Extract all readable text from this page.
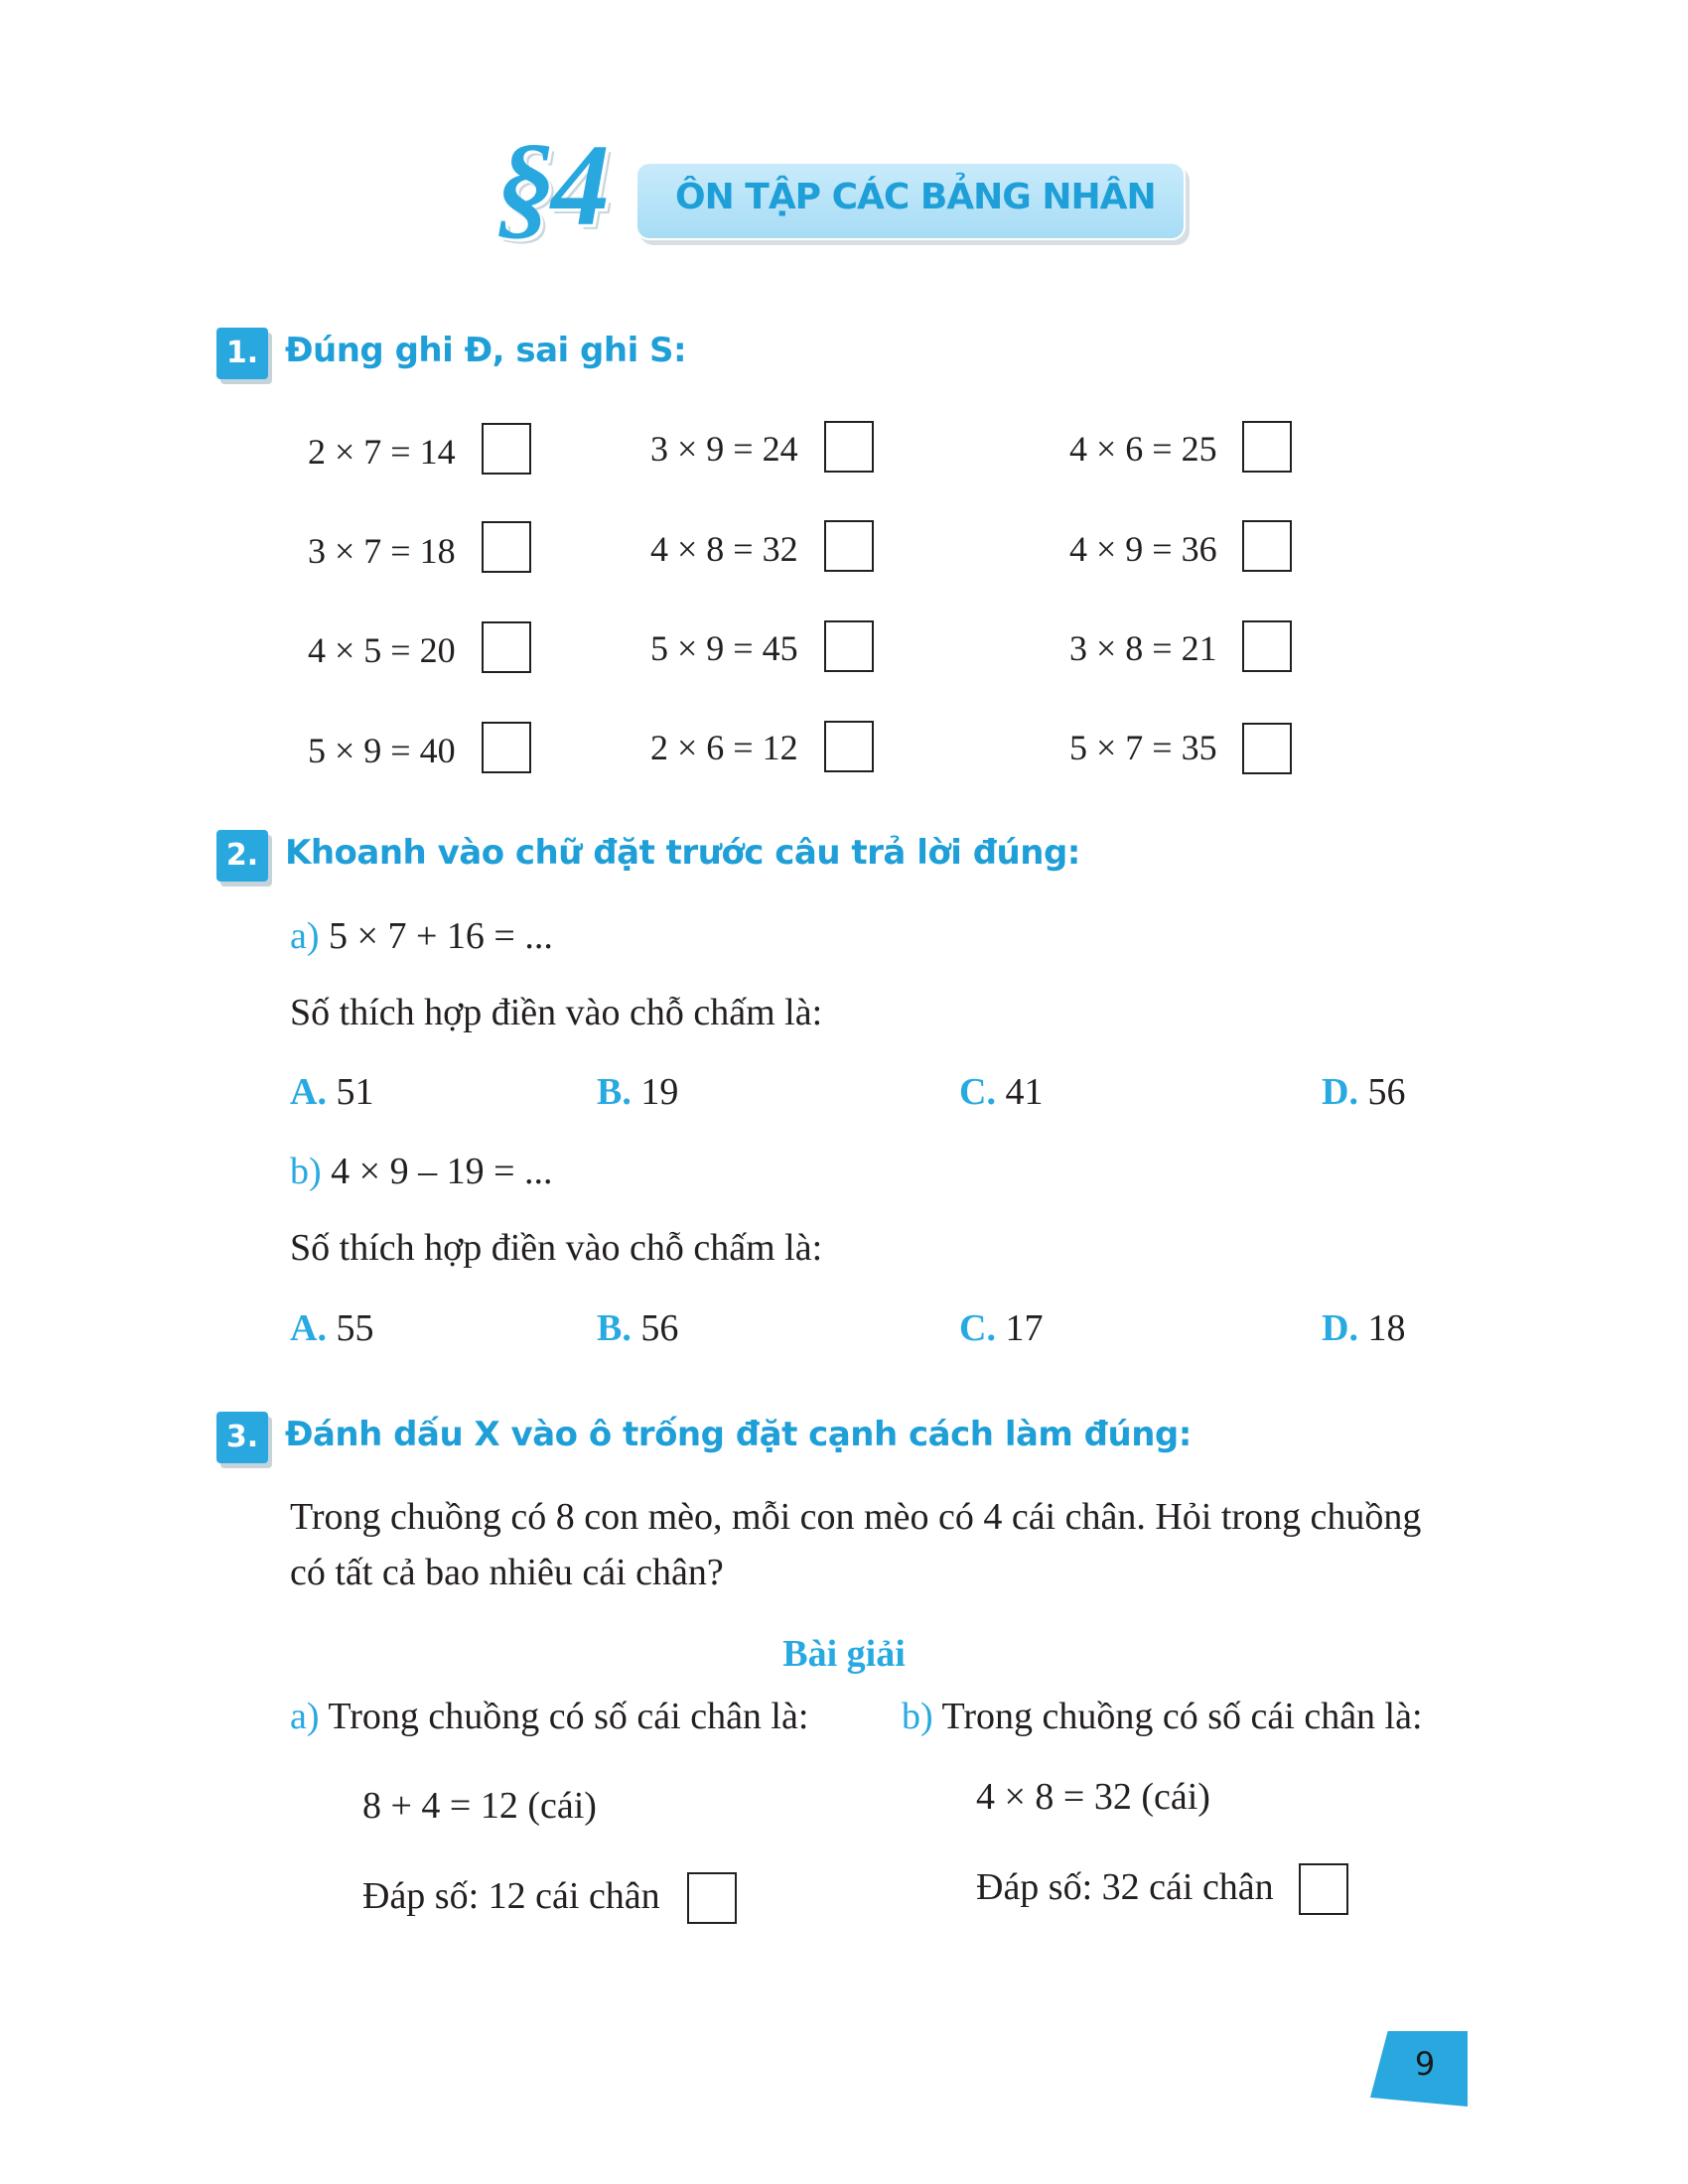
§4 ÔN TẬP CÁC BẢNG NHÂN
1. Đúng ghi Đ, sai ghi S:
2 × 7 = 14	3 × 9 = 24	4 × 6 = 25
3 × 7 = 18	4 × 8 = 32	4 × 9 = 36
4 × 5 = 20	5 × 9 = 45	3 × 8 = 21
5 × 9 = 40	2 × 6 = 12	5 × 7 = 35
2. Khoanh vào chữ đặt trước câu trả lời đúng:
a) 5 × 7 + 16 = ...
Số thích hợp điền vào chỗ chấm là:
A. 51	B. 19	C. 41	D. 56
b) 4 × 9 – 19 = ...
Số thích hợp điền vào chỗ chấm là:
A. 55	B. 56	C. 17	D. 18
3. Đánh dấu X vào ô trống đặt cạnh cách làm đúng:
Trong chuồng có 8 con mèo, mỗi con mèo có 4 cái chân. Hỏi trong chuồng
có tất cả bao nhiêu cái chân?
Bài giải
a) Trong chuồng có số cái chân là: b) Trong chuồng có số cái chân là:
8 + 4 = 12 (cái)	4 × 8 = 32 (cái)
Đáp số: 12 cái chân	Đáp số: 32 cái chân
9
